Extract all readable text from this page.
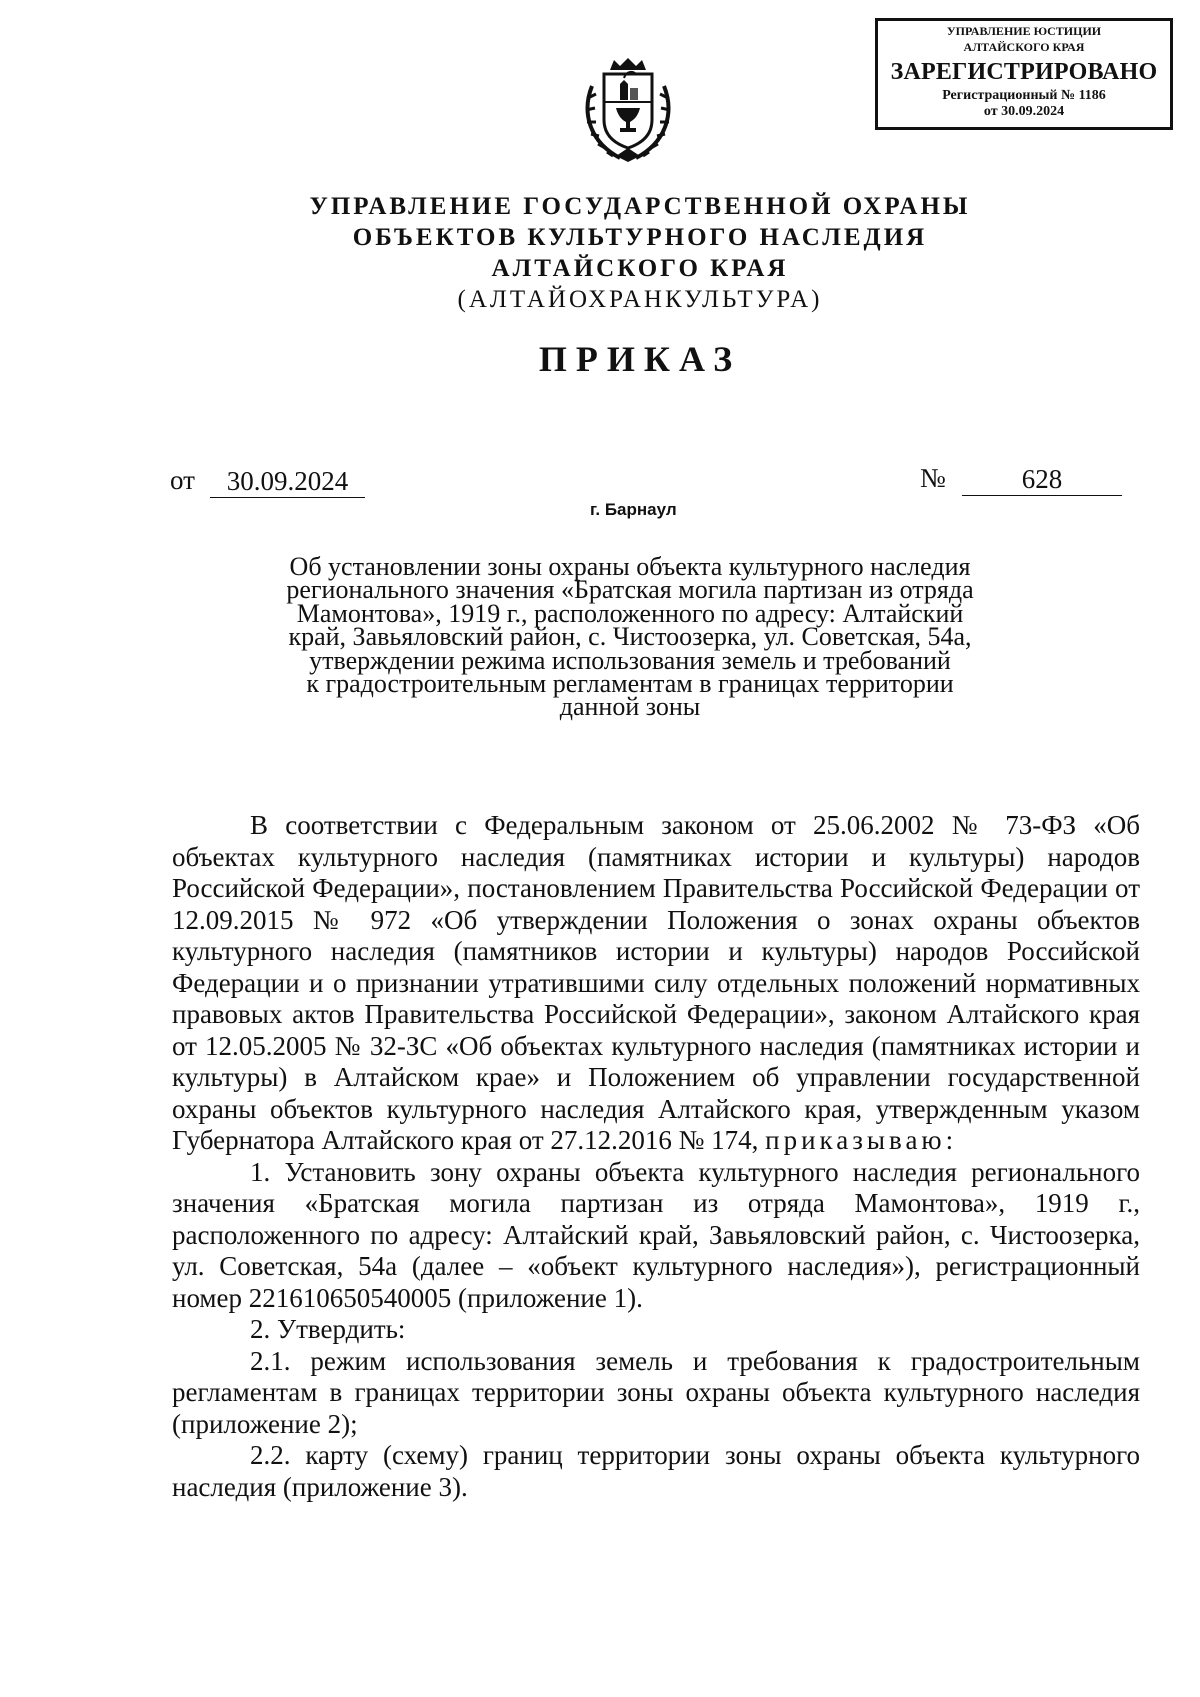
УПРАВЛЕНИЕ ЮСТИЦИИ
АЛТАЙСКОГО КРАЯ
ЗАРЕГИСТРИРОВАНО
Регистрационный № 1186
от 30.09.2024
УПРАВЛЕНИЕ ГОСУДАРСТВЕННОЙ ОХРАНЫ
ОБЪЕКТОВ КУЛЬТУРНОГО НАСЛЕДИЯ
АЛТАЙСКОГО КРАЯ
(АЛТАЙОХРАНКУЛЬТУРА)
ПРИКАЗ
от	30.09.2024	№	628
г. Барнаул
Об установлении зоны охраны объекта культурного наследия
регионального значения «Братская могила партизан из отряда
Мамонтова», 1919 г., расположенного по адресу: Алтайский
край, Завьяловский район, с. Чистоозерка, ул. Советская, 54а,
утверждении режима использования земель и требований
к градостроительным регламентам в границах территории
данной зоны

В соответствии с Федеральным законом от 25.06.2002 № 73-ФЗ «Об объектах культурного наследия (памятниках истории и культуры) народов Российской Федерации», постановлением Правительства Российской Федерации от 12.09.2015 № 972 «Об утверждении Положения о зонах охраны объектов культурного наследия (памятников истории и культуры) народов Российской Федерации и о признании утратившими силу отдельных положений нормативных правовых актов Правительства Российской Федерации», законом Алтайского края от 12.05.2005 № 32-ЗС «Об объектах культурного наследия (памятниках истории и культуры) в Алтайском крае» и Положением об управлении государственной охраны объектов культурного наследия Алтайского края, утвержденным указом Губернатора Алтайского края от 27.12.2016 № 174, приказываю:

1. Установить зону охраны объекта культурного наследия регионального значения «Братская могила партизан из отряда Мамонтова», 1919 г., расположенного по адресу: Алтайский край, Завьяловский район, с. Чистоозерка, ул. Советская, 54а (далее – «объект культурного наследия»), регистрационный номер 221610650540005 (приложение 1).

2. Утвердить:

2.1. режим использования земель и требования к градостроительным регламентам в границах территории зоны охраны объекта культурного наследия (приложение 2);

2.2. карту (схему) границ территории зоны охраны объекта культурного наследия (приложение 3).
